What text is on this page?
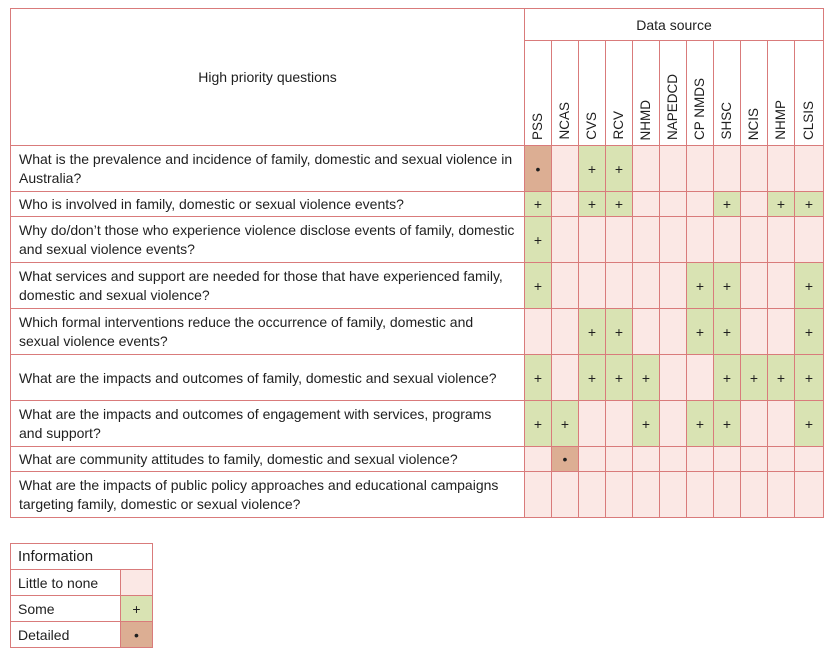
High priority questions	Data source										
	PSS	NCAS	CVS	RCV	NHMD	NAPEDCD	CP NMDS	SHSC	NCIS	NHMP	CLSIS
What is the prevalence and incidence of family, domestic and sexual violence in Australia?	•		+	+							
Who is involved in family, domestic or sexual violence events?	+		+	+				+		+	+
Why do/don’t those who experience violence disclose events of family, domestic and sexual violence events?	+										
What services and support are needed for those that have experienced family, domestic and sexual violence?	+						+	+			+
Which formal interventions reduce the occurrence of family, domestic and sexual violence events?			+	+			+	+			+
What are the impacts and outcomes of family, domestic and sexual violence?	+		+	+	+			+	+	+	+
What are the impacts and outcomes of engagement with services, programs and support?	+	+			+		+	+			+
What are community attitudes to family, domestic and sexual violence?		•									
What are the impacts of public policy approaches and educational campaigns targeting family, domestic or sexual violence?											
Information	
Little to none	
Some	+
Detailed	•
